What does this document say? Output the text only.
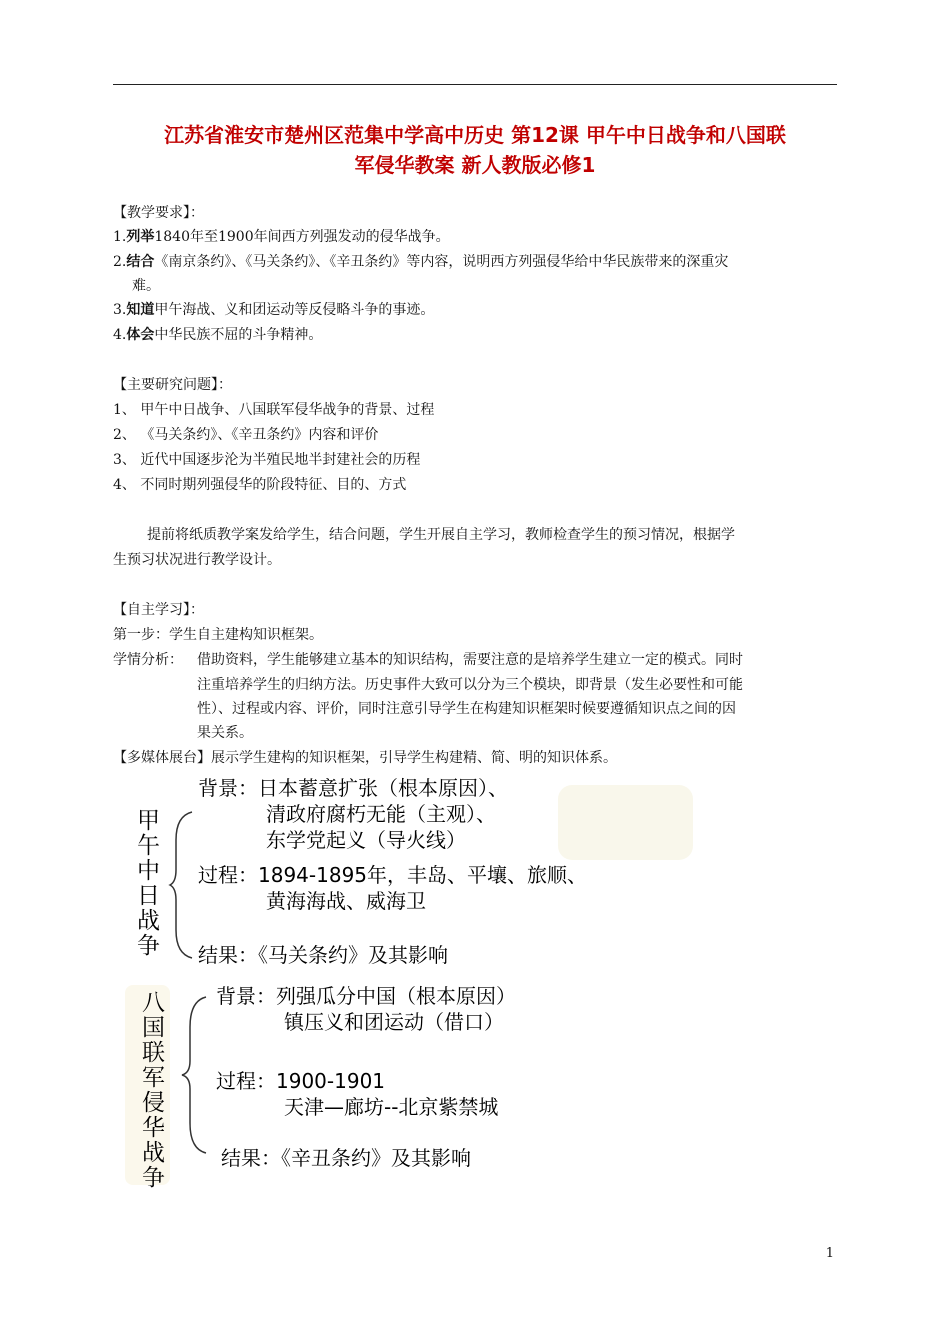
江苏省淮安市楚州区范集中学高中历史 第12课 甲午中日战争和八国联
军侵华教案 新人教版必修1
【教学要求】：
1.列举1840年至1900年间西方列强发动的侵华战争。
2.结合《南京条约》、《马关条约》、《辛丑条约》等内容，说明西方列强侵华给中华民族带来的深重灾
难。
3.知道甲午海战、义和团运动等反侵略斗争的事迹。
4.体会中华民族不屈的斗争精神。
【主要研究问题】：
1、 甲午中日战争、八国联军侵华战争的背景、过程
2、 《马关条约》、《辛丑条约》内容和评价
3、 近代中国逐步沦为半殖民地半封建社会的历程
4、 不同时期列强侵华的阶段特征、目的、方式
提前将纸质教学案发给学生，结合问题，学生开展自主学习，教师检查学生的预习情况，根据学
生预习状况进行教学设计。
【自主学习】：
第一步：学生自主建构知识框架。
学情分析： 借助资料，学生能够建立基本的知识结构，需要注意的是培养学生建立一定的模式。同时
注重培养学生的归纳方法。历史事件大致可以分为三个模块，即背景（发生必要性和可能
性）、过程或内容、评价，同时注意引导学生在构建知识框架时候要遵循知识点之间的因
果关系。
【多媒体展台】展示学生建构的知识框架，引导学生构建精、简、明的知识体系。
甲午中日战争
背景：日本蓄意扩张（根本原因）、
清政府腐朽无能（主观）、
东学党起义（导火线）
过程：1894-1895年，丰岛、平壤、旅顺、
黄海海战、威海卫
结果：《马关条约》及其影响
八国联军侵华战争	背景：列强瓜分中国（根本原因）
镇压义和团运动（借口）
过程：1900-1901
天津—廊坊--北京紫禁城
结果：《辛丑条约》及其影响
1
